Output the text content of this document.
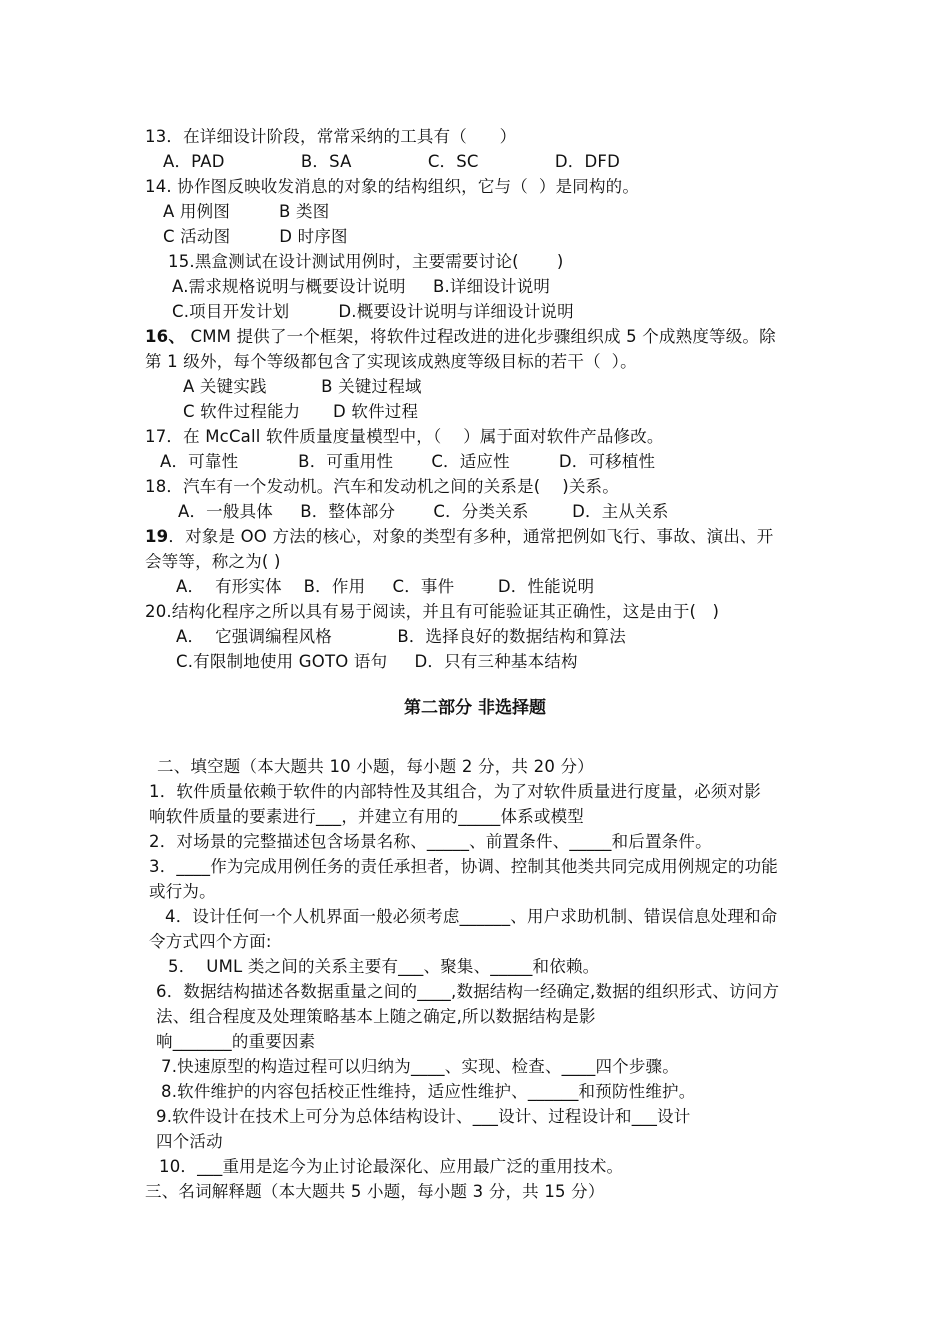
13．在详细设计阶段，常常采纳的工具有（      ）
A．PAD              B．SA              C．SC              D．DFD
14. 协作图反映收发消息的对象的结构组织，它与（  ）是同构的。
A 用例图         B 类图
C 活动图         D 时序图
15.黑盒测试在设计测试用例时，主要需要讨论(       )
A.需求规格说明与概要设计说明     B.详细设计说明
C.项目开发计划         D.概要设计说明与详细设计说明
16、 CMM 提供了一个框架，将软件过程改进的进化步骤组织成 5 个成熟度等级。除
第 1 级外，每个等级都包含了实现该成熟度等级目标的若干（  ）。
A 关键实践          B 关键过程域
C 软件过程能力      D 软件过程
17．在 McCall 软件质量度量模型中，（    ）属于面对软件产品修改。
A．可靠性           B．可重用性       C．适应性         D．可移植性
18．汽车有一个发动机。汽车和发动机之间的关系是(    )关系。
A．一般具体     B．整体部分       C．分类关系        D．主从关系
19．对象是 OO 方法的核心，对象的类型有多种，通常把例如飞行、事故、演出、开
会等等，称之为( )
A．  有形实体    B．作用     C．事件        D．性能说明
20.结构化程序之所以具有易于阅读，并且有可能验证其正确性，这是由于(   )
A．  它强调编程风格            B．选择良好的数据结构和算法
C.有限制地使用 GOTO 语句     D．只有三种基本结构
第二部分 非选择题
二、填空题（本大题共 10 小题，每小题 2 分，共 20 分）
1．软件质量依赖于软件的内部特性及其组合，为了对软件质量进行度量，必须对影
响软件质量的要素进行___，并建立有用的_____体系或模型
2．对场景的完整描述包含场景名称、_____、前置条件、_____和后置条件。
3．____作为完成用例任务的责任承担者，协调、控制其他类共同完成用例规定的功能
或行为。
4．设计任何一个人机界面一般必须考虑______、用户求助机制、错误信息处理和命
令方式四个方面:
5．  UML 类之间的关系主要有___、聚集、_____和依赖。
6．数据结构描述各数据重量之间的____,数据结构一经确定,数据的组织形式、访问方
法、组合程度及处理策略基本上随之确定,所以数据结构是影
响_______的重要因素
7.快速原型的构造过程可以归纳为____、实现、检查、____四个步骤。
8.软件维护的内容包括校正性维持，适应性维护、______和预防性维护。
9.软件设计在技术上可分为总体结构设计、___设计、过程设计和___设计
四个活动
10．___重用是迄今为止讨论最深化、应用最广泛的重用技术。
三、名词解释题（本大题共 5 小题，每小题 3 分，共 15 分）
